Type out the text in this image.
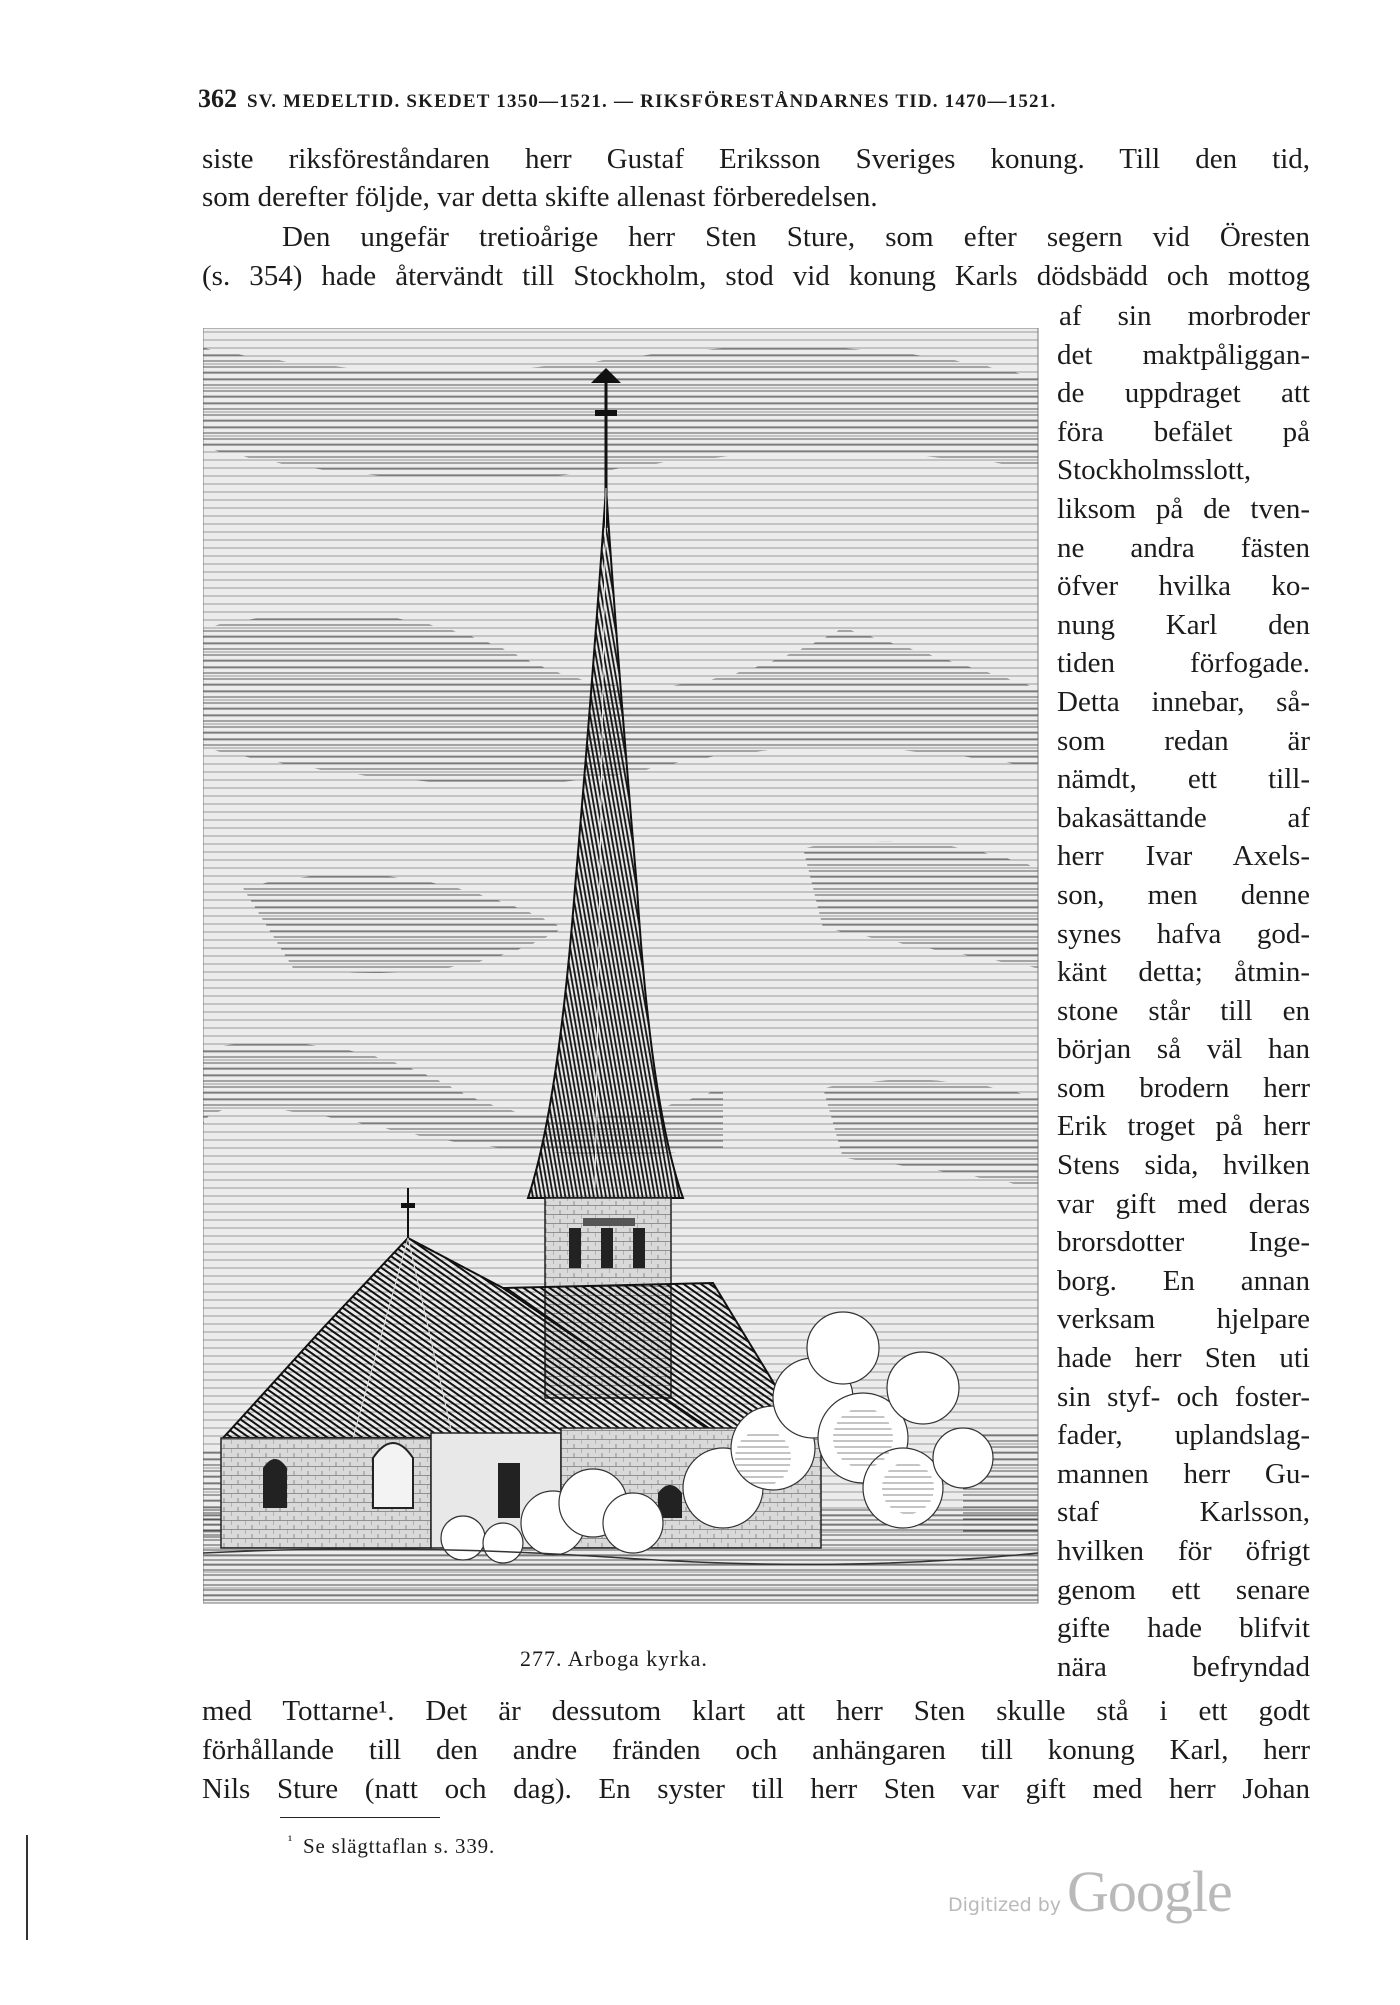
362 SV. MEDELTID. SKEDET 1350—1521. — RIKSFÖRESTÅNDARNES TID. 1470—1521.
siste riksföreståndaren herr Gustaf Eriksson Sveriges konung. Till den tid,
som derefter följde, var detta skifte allenast förberedelsen.
Den ungefär tretioårige herr Sten Sture, som efter segern vid Öresten
(s. 354) hade återvändt till Stockholm, stod vid konung Karls dödsbädd och mottog
af sin morbroder
det maktpåliggan-
de uppdraget att
föra befälet på
Stockholmsslott,
liksom på de tven-
ne andra fästen
öfver hvilka ko-
nung Karl den
tiden förfogade.
Detta innebar, så-
som redan är
nämdt, ett till-
bakasättande af
herr Ivar Axels-
son, men denne
synes hafva god-
känt detta; åtmin-
stone står till en
början så väl han
som brodern herr
Erik troget på herr
Stens sida, hvilken
var gift med deras
brorsdotter Inge-
borg. En annan
verksam hjelpare
hade herr Sten uti
sin styf- och foster-
fader, uplandslag-
mannen herr Gu-
staf Karlsson,
hvilken för öfrigt
genom ett senare
gifte hade blifvit
nära befryndad
277. Arboga kyrka.
med Tottarne¹. Det är dessutom klart att herr Sten skulle stå i ett godt
förhållande till den andre fränden och anhängaren till konung Karl, herr
Nils Sture (natt och dag). En syster till herr Sten var gift med herr Johan
$^{^1}$ Se slägttaflan s. 339.
Digitized by Google
